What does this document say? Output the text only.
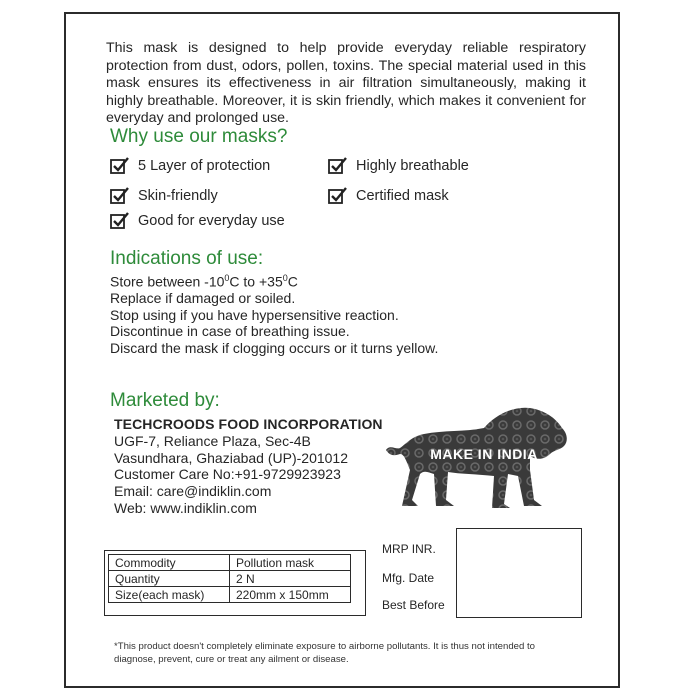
This mask is designed to help provide everyday reliable respiratory protection from dust, odors, pollen, toxins. The special material used in this mask ensures its effectiveness in air filtration simultaneously, making it highly breathable. Moreover, it is skin friendly, which makes it convenient for everyday and prolonged use.

Why use our masks?
5 Layer of protection	Highly breathable
Skin-friendly	Certified mask
Good for everyday use
Indications of use:
Store between $-10^0C$ to $+35^0C$
Replace if damaged or soiled.
Stop using if you have hypersensitive reaction.
Discontinue in case of breathing issue.
Discard the mask if clogging occurs or it turns yellow.
Marketed by:
TECHCROODS FOOD INCORPORATION
UGF-7, Reliance Plaza, Sec-4B
Vasundhara, Ghaziabad (UP)-201012
Customer Care No:+91-9729923923
Email: care@indiklin.com
Web: www.indiklin.com
MAKE IN INDIA
Commodity	Pollution mask
Quantity	2 N
Size(each mask)	220mm x 150mm
MRP INR.
Mfg. Date
Best Before
*This product doesn't completely eliminate exposure to airborne pollutants. It is thus not intended to diagnose, prevent, cure or treat any ailment or disease.
